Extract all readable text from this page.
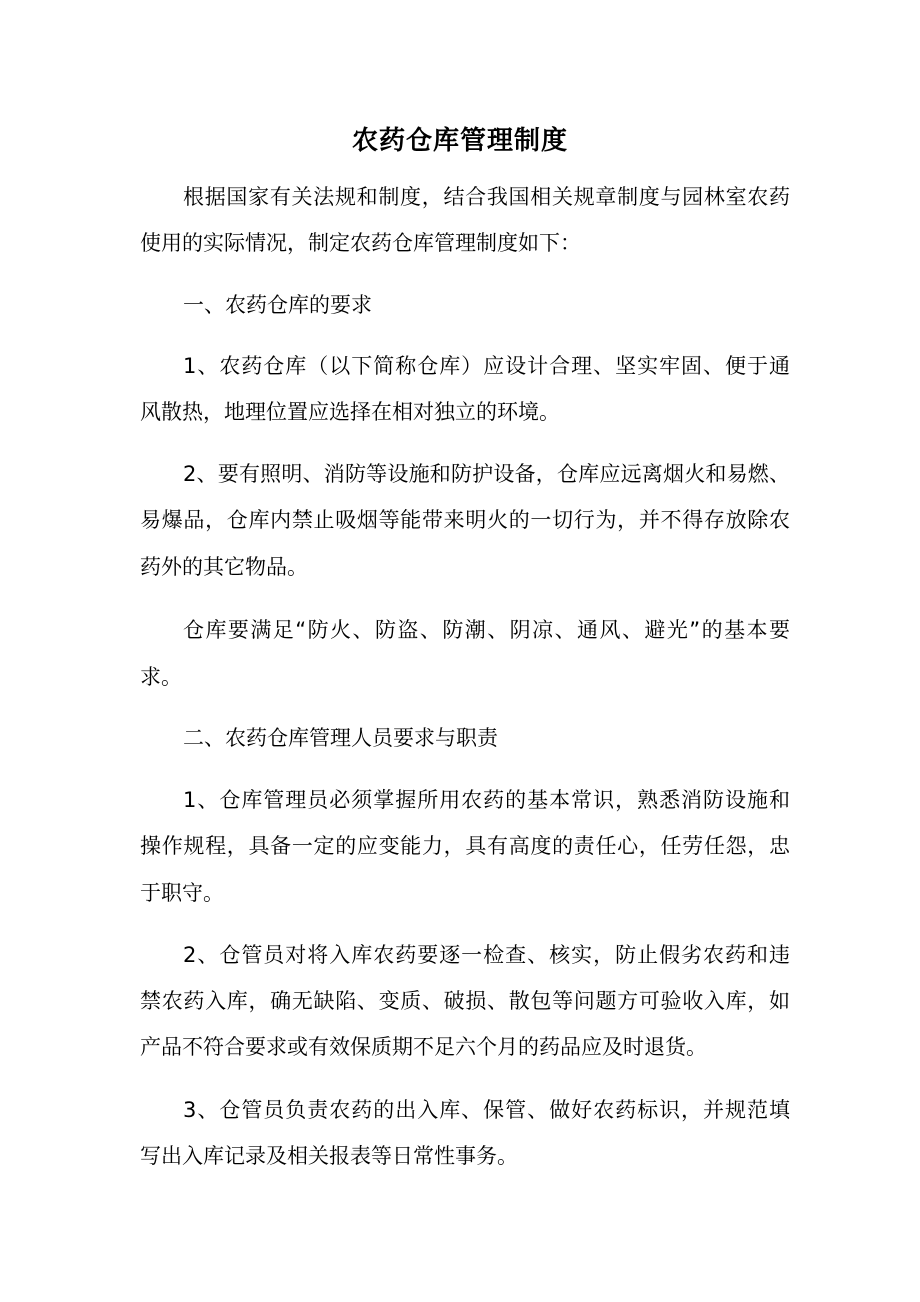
农药仓库管理制度
根据国家有关法规和制度，结合我国相关规章制度与园林室农药
使用的实际情况，制定农药仓库管理制度如下：
一、农药仓库的要求
1、农药仓库（以下简称仓库）应设计合理、坚实牢固、便于通
风散热，地理位置应选择在相对独立的环境。
2、要有照明、消防等设施和防护设备，仓库应远离烟火和易燃、
易爆品，仓库内禁止吸烟等能带来明火的一切行为，并不得存放除农
药外的其它物品。
仓库要满足“防火、防盗、防潮、阴凉、通风、避光”的基本要
求。
二、农药仓库管理人员要求与职责
1、仓库管理员必须掌握所用农药的基本常识，熟悉消防设施和
操作规程，具备一定的应变能力，具有高度的责任心，任劳任怨，忠
于职守。
2、仓管员对将入库农药要逐一检查、核实，防止假劣农药和违
禁农药入库，确无缺陷、变质、破损、散包等问题方可验收入库，如
产品不符合要求或有效保质期不足六个月的药品应及时退货。
3、仓管员负责农药的出入库、保管、做好农药标识，并规范填
写出入库记录及相关报表等日常性事务。
